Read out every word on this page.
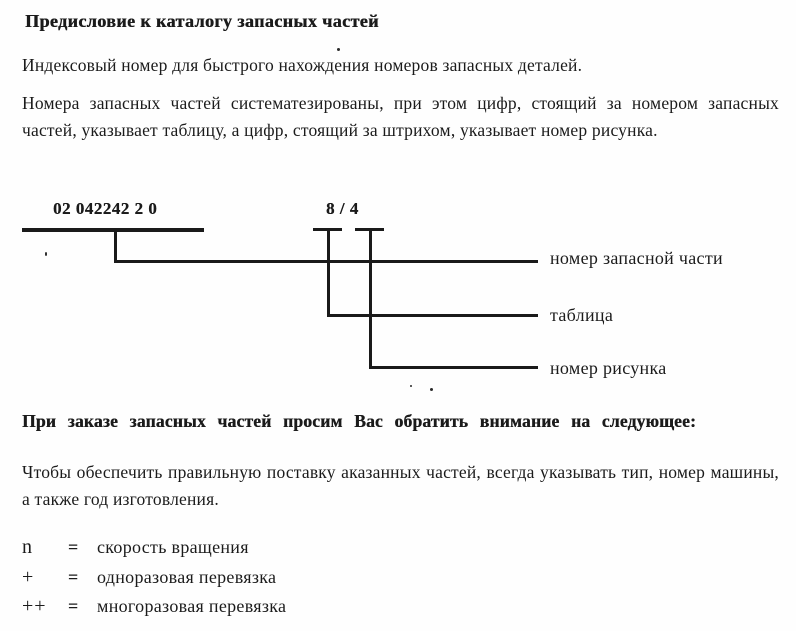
Предисловие к каталогу запасных частей
Индексовый номер для быстрого нахождения номеров запасных деталей.
Номера запасных частей систематезированы, при этом цифр, стоящий за номером запасных частей, указывает таблицу, а цифр, стоящий за штрихом, указывает номер рисунка.
02 042242 2 0	8 / 4
номер запасной части
таблица
номер рисунка
При заказе запасных частей просим Вас обратить внимание на следующее:
Чтобы обеспечить правильную поставку аказанных частей, всегда указывать тип, номер машины, а также год изготовления.
n = скорость вращения
+ = одноразовая перевязка
++ = многоразовая перевязка
